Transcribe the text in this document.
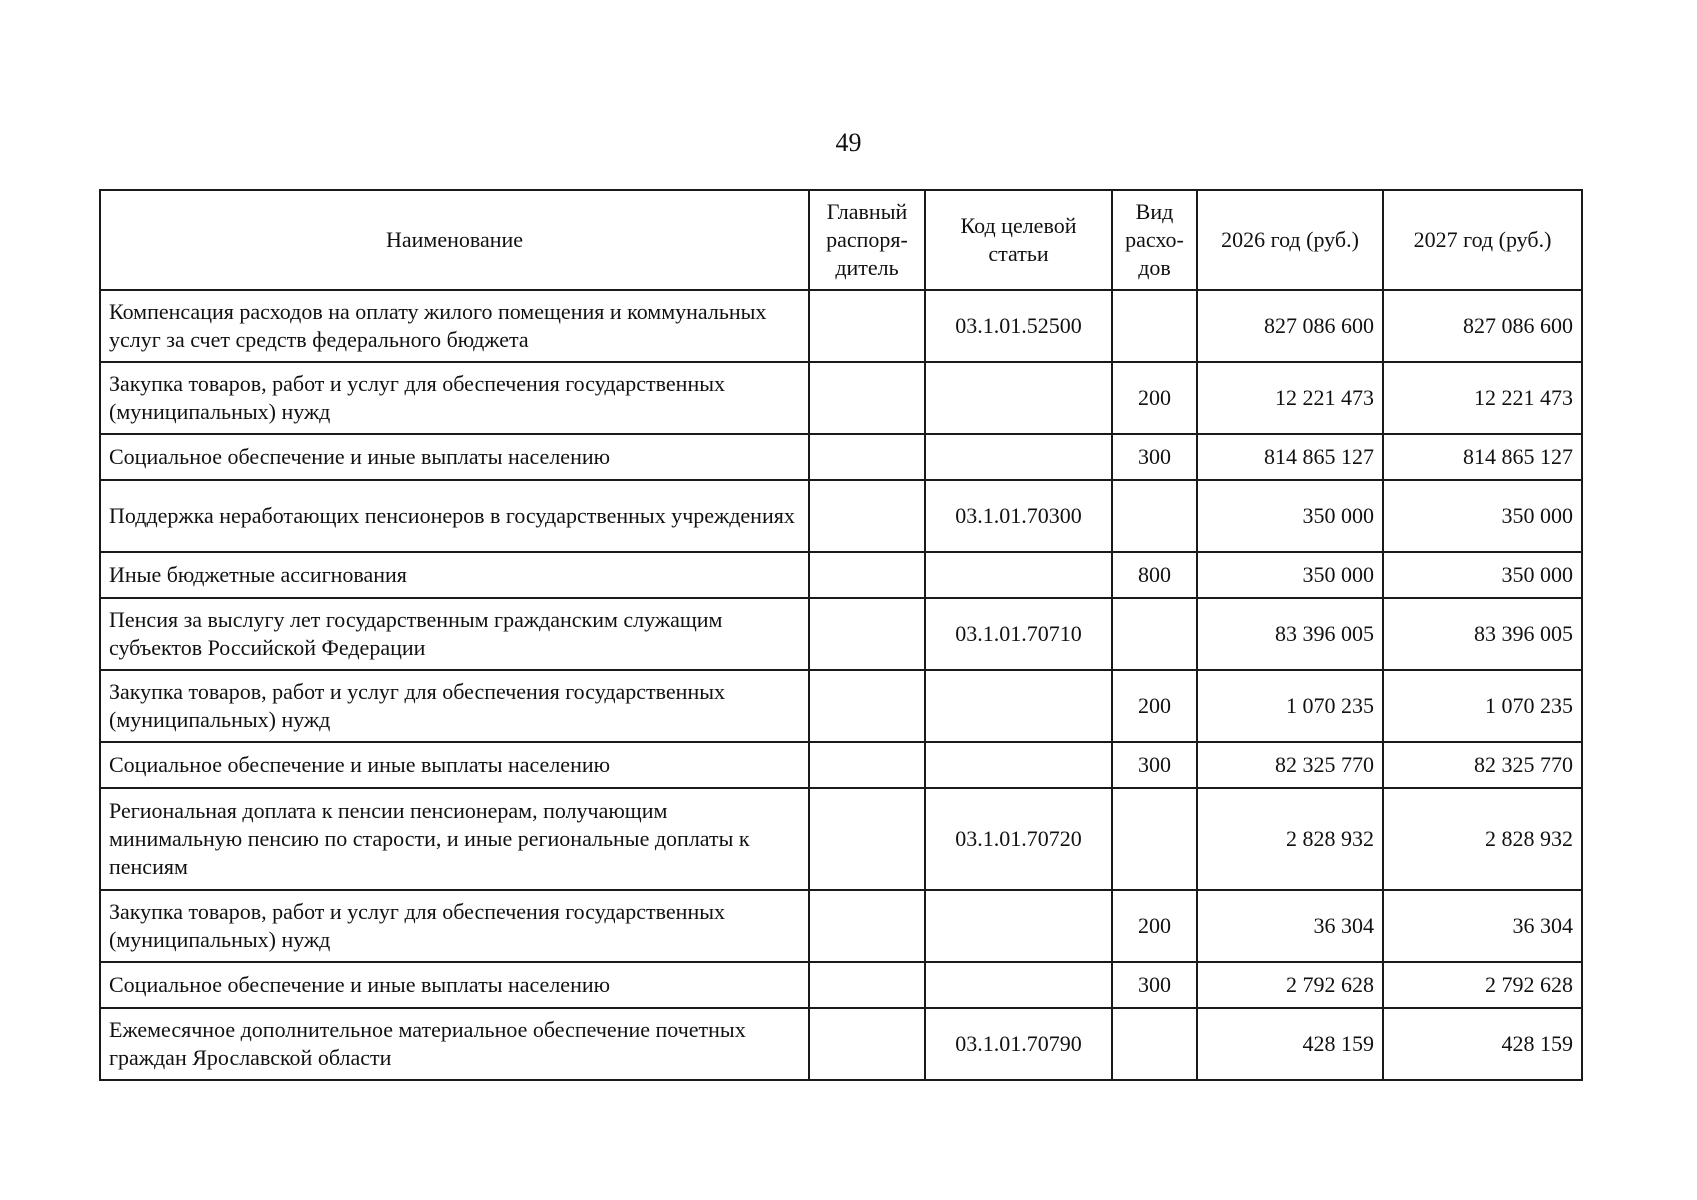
49
Наименование	Главный распоря-дитель	Код целевой статьи	Вид расхо-дов	2026 год (руб.)	2027 год (руб.)
Компенсация расходов на оплату жилого помещения и коммунальных услуг за счет средств федерального бюджета		03.1.01.52500		827 086 600	827 086 600
Закупка товаров, работ и услуг для обеспечения государственных (муниципальных) нужд			200	12 221 473	12 221 473
Социальное обеспечение и иные выплаты населению			300	814 865 127	814 865 127
Поддержка неработающих пенсионеров в государственных учреждениях		03.1.01.70300		350 000	350 000
Иные бюджетные ассигнования			800	350 000	350 000
Пенсия за выслугу лет государственным гражданским служащим субъектов Российской Федерации		03.1.01.70710		83 396 005	83 396 005
Закупка товаров, работ и услуг для обеспечения государственных (муниципальных) нужд			200	1 070 235	1 070 235
Социальное обеспечение и иные выплаты населению			300	82 325 770	82 325 770
Региональная доплата к пенсии пенсионерам, получающим минимальную пенсию по старости, и иные региональные доплаты к пенсиям		03.1.01.70720		2 828 932	2 828 932
Закупка товаров, работ и услуг для обеспечения государственных (муниципальных) нужд			200	36 304	36 304
Социальное обеспечение и иные выплаты населению			300	2 792 628	2 792 628
Ежемесячное дополнительное материальное обеспечение почетных граждан Ярославской области		03.1.01.70790		428 159	428 159
